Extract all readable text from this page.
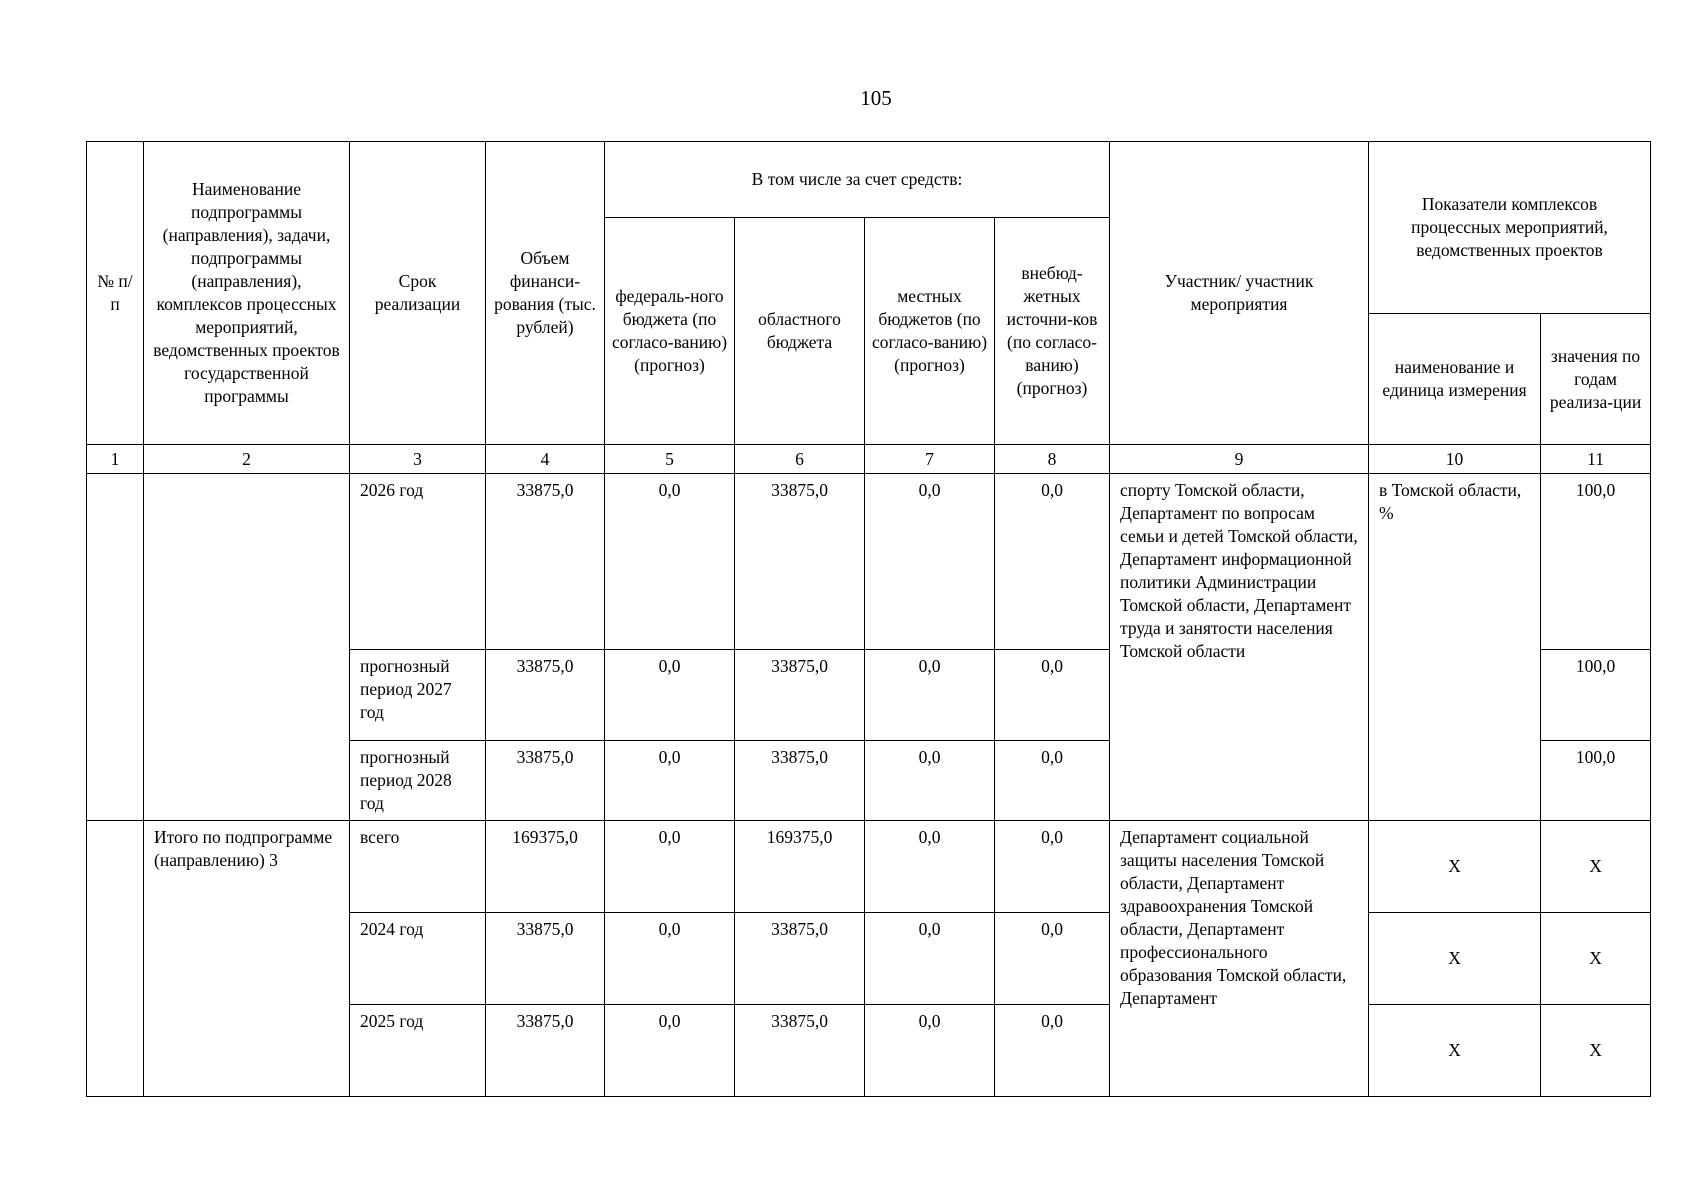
105
№ п/п	Наименование подпрограммы (направления), задачи, подпрограммы (направления), комплексов процессных мероприятий, ведомственных проектов государственной программы	Срок реализации	Объем финанси-рования (тыс. рублей)	В том числе за счет средств:				Участник/ участник мероприятия	Показатели комплексов процессных мероприятий, ведомственных проектов	
				федераль-ного бюджета (по согласо-ванию) (прогноз)	областного бюджета	местных бюджетов (по согласо-ванию) (прогноз)	внебюд-жетных источни-ков (по согласо-ванию) (прогноз)			
									наименование и единица измерения	значения по годам реализа-ции
1	2	3	4	5	6	7	8	9	10	11
		2026 год	33875,0	0,0	33875,0	0,0	0,0	спорту Томской области, Департамент по вопросам семьи и детей Томской области, Департамент информационной политики Администрации Томской области, Департамент труда и занятости населения Томской области	в Томской области, %	100,0
		прогнозный период 2027 год	33875,0	0,0	33875,0	0,0	0,0			100,0
		прогнозный период 2028 год	33875,0	0,0	33875,0	0,0	0,0			100,0
	Итого по подпрограмме (направлению) 3	всего	169375,0	0,0	169375,0	0,0	0,0	Департамент социальной защиты населения Томской области, Департамент здравоохранения Томской области, Департамент профессионального образования Томской области, Департамент	Х	Х
		2024 год	33875,0	0,0	33875,0	0,0	0,0		Х	Х
		2025 год	33875,0	0,0	33875,0	0,0	0,0		Х	Х
